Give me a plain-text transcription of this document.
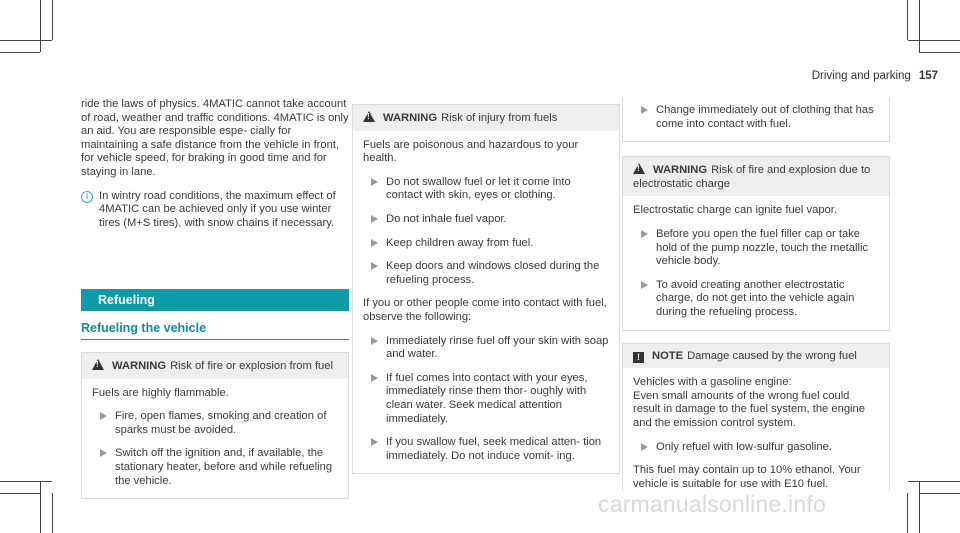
Driving and parking 157

ride the laws of physics. 4MATIC cannot take account of road, weather and traffic conditions. 4MATIC is only an aid. You are responsible espe- cially for maintaining a safe distance from the vehicle in front, for vehicle speed, for braking in good time and for staying in lane.

i In wintry road conditions, the maximum effect of 4MATIC can be achieved only if you use winter tires (M+S tires), with snow chains if necessary.
Refueling
Refueling the vehicle
!WARNING Risk of fire or explosion from fuel

Fuels are highly flammable.

Fire, open flames, smoking and creation of sparks must be avoided.
Switch off the ignition and, if available, the stationary heater, before and while refueling the vehicle.
!WARNING Risk of injury from fuels

Fuels are poisonous and hazardous to your health.

Do not swallow fuel or let it come into contact with skin, eyes or clothing.
Do not inhale fuel vapor.
Keep children away from fuel.
Keep doors and windows closed during the refueling process.

If you or other people come into contact with fuel, observe the following:

Immediately rinse fuel off your skin with soap and water.
If fuel comes into contact with your eyes, immediately rinse them thor- oughly with clean water. Seek medical attention immediately.
If you swallow fuel, seek medical atten- tion immediately. Do not induce vomit- ing.
Change immediately out of clothing that has come into contact with fuel.
!WARNING Risk of fire and explosion due to electrostatic charge

Electrostatic charge can ignite fuel vapor.

Before you open the fuel filler cap or take hold of the pump nozzle, touch the metallic vehicle body.
To avoid creating another electrostatic charge, do not get into the vehicle again during the refueling process.
! NOTE Damage caused by the wrong fuel

Vehicles with a gasoline engine:

Even small amounts of the wrong fuel could result in damage to the fuel system, the engine and the emission control system.

Only refuel with low-sulfur gasoline.

This fuel may contain up to 10% ethanol. Your vehicle is suitable for use with E10 fuel.

carmanualsonline.info
